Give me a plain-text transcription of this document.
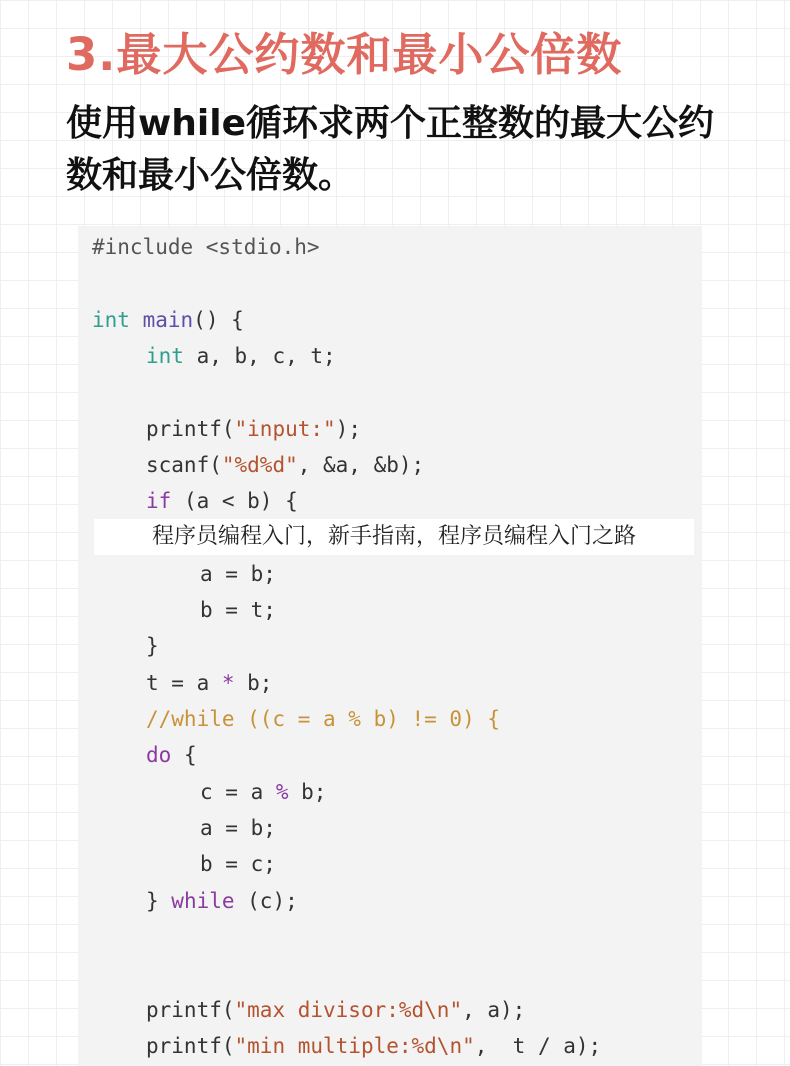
3.最大公约数和最小公倍数
使用while循环求两个正整数的最大公约数和最小公倍数。
#include <stdio.h>
int main() {
int a, b, c, t;
printf("input:");
scanf("%d%d", &a, &b);
if (a < b) {
a = b;
b = t;
}
t = a * b;
//while ((c = a % b) != 0) {
do {
c = a % b;
a = b;
b = c;
} while (c);
printf("max divisor:%d\n", a);
printf("min multiple:%d\n",  t / a);
程序员编程入门，新手指南，程序员编程入门之路
